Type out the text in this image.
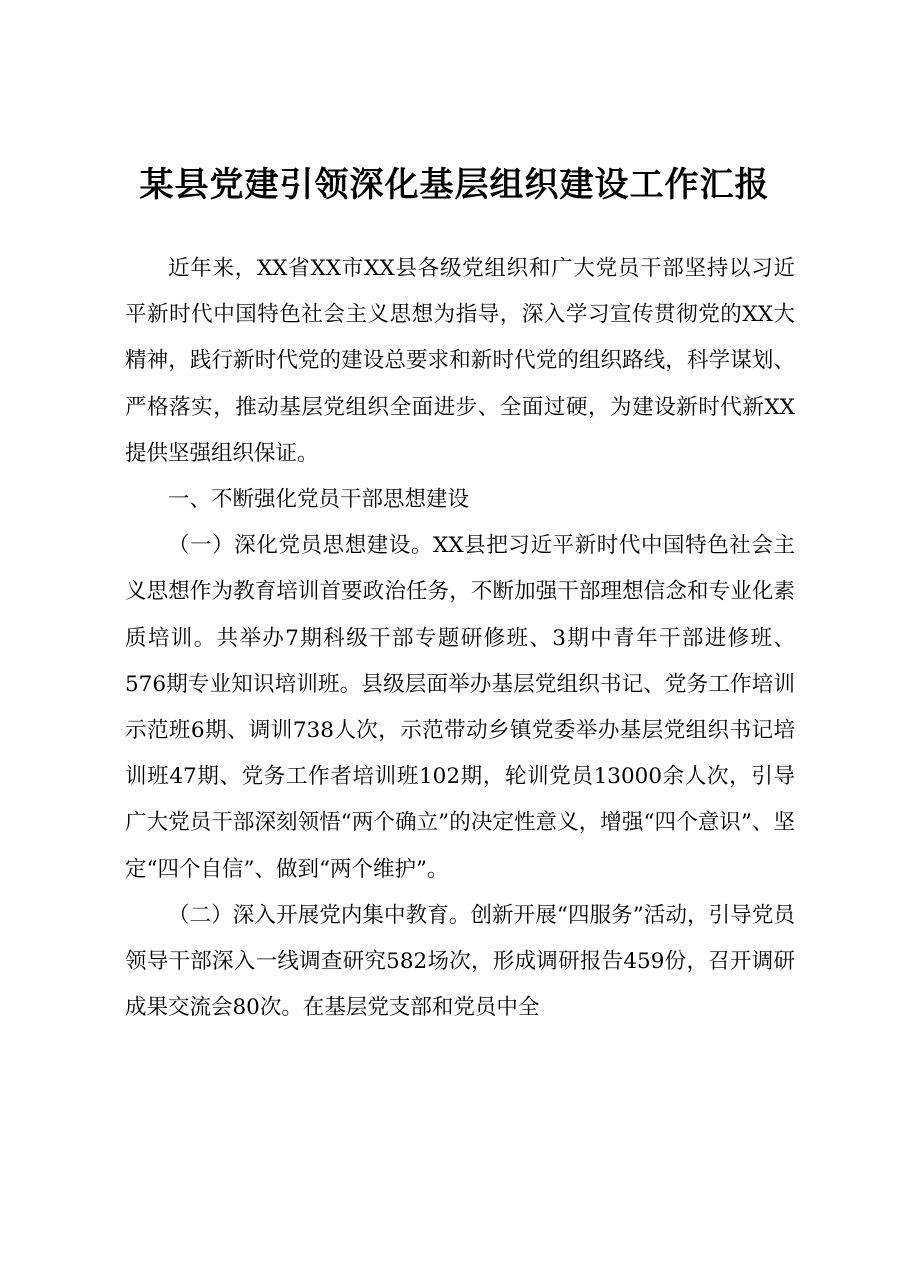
某县党建引领深化基层组织建设工作汇报

近年来，XX省XX市XX县各级党组织和广大党员干部坚持以习近平新时代中国特色社会主义思想为指导，深入学习宣传贯彻党的XX大精神，践行新时代党的建设总要求和新时代党的组织路线，科学谋划、严格落实，推动基层党组织全面进步、全面过硬，为建设新时代新XX提供坚强组织保证。

一、不断强化党员干部思想建设

（一）深化党员思想建设。XX县把习近平新时代中国特色社会主义思想作为教育培训首要政治任务，不断加强干部理想信念和专业化素质培训。共举办7期科级干部专题研修班、3期中青年干部进修班、576期专业知识培训班。县级层面举办基层党组织书记、党务工作培训示范班6期、调训738人次，示范带动乡镇党委举办基层党组织书记培训班47期、党务工作者培训班102期，轮训党员13000余人次，引导广大党员干部深刻领悟“两个确立”的决定性意义，增强“四个意识”、坚定“四个自信”、做到“两个维护”。

（二）深入开展党内集中教育。创新开展“四服务”活动，引导党员领导干部深入一线调查研究582场次，形成调研报告459份，召开调研成果交流会80次。在基层党支部和党员中全
